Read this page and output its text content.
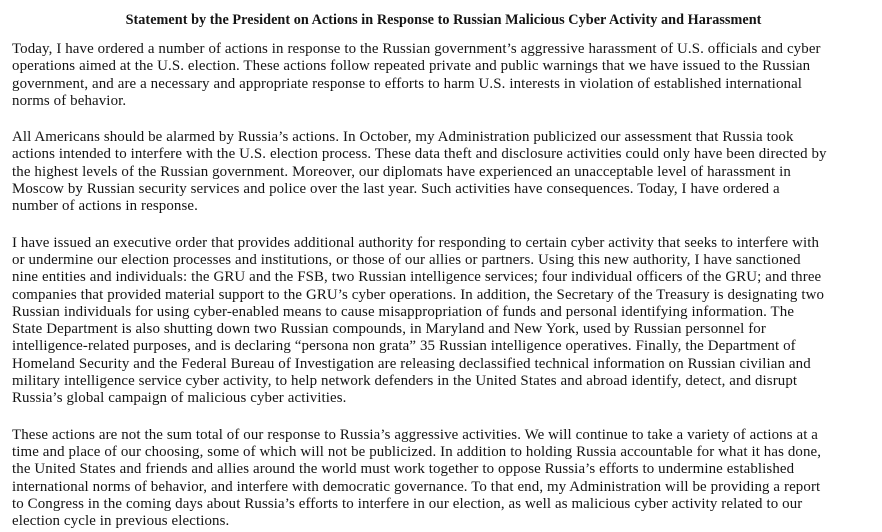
Statement by the President on Actions in Response to Russian Malicious Cyber Activity and Harassment
Today, I have ordered a number of actions in response to the Russian government’s aggressive harassment of U.S. officials and cyber
operations aimed at the U.S. election. These actions follow repeated private and public warnings that we have issued to the Russian
government, and are a necessary and appropriate response to efforts to harm U.S. interests in violation of established international
norms of behavior.
All Americans should be alarmed by Russia’s actions. In October, my Administration publicized our assessment that Russia took
actions intended to interfere with the U.S. election process. These data theft and disclosure activities could only have been directed by
the highest levels of the Russian government. Moreover, our diplomats have experienced an unacceptable level of harassment in
Moscow by Russian security services and police over the last year. Such activities have consequences. Today, I have ordered a
number of actions in response.
I have issued an executive order that provides additional authority for responding to certain cyber activity that seeks to interfere with
or undermine our election processes and institutions, or those of our allies or partners. Using this new authority, I have sanctioned
nine entities and individuals: the GRU and the FSB, two Russian intelligence services; four individual officers of the GRU; and three
companies that provided material support to the GRU’s cyber operations. In addition, the Secretary of the Treasury is designating two
Russian individuals for using cyber-enabled means to cause misappropriation of funds and personal identifying information. The
State Department is also shutting down two Russian compounds, in Maryland and New York, used by Russian personnel for
intelligence-related purposes, and is declaring “persona non grata” 35 Russian intelligence operatives. Finally, the Department of
Homeland Security and the Federal Bureau of Investigation are releasing declassified technical information on Russian civilian and
military intelligence service cyber activity, to help network defenders in the United States and abroad identify, detect, and disrupt
Russia’s global campaign of malicious cyber activities.
These actions are not the sum total of our response to Russia’s aggressive activities. We will continue to take a variety of actions at a
time and place of our choosing, some of which will not be publicized. In addition to holding Russia accountable for what it has done,
the United States and friends and allies around the world must work together to oppose Russia’s efforts to undermine established
international norms of behavior, and interfere with democratic governance. To that end, my Administration will be providing a report
to Congress in the coming days about Russia’s efforts to interfere in our election, as well as malicious cyber activity related to our
election cycle in previous elections.
